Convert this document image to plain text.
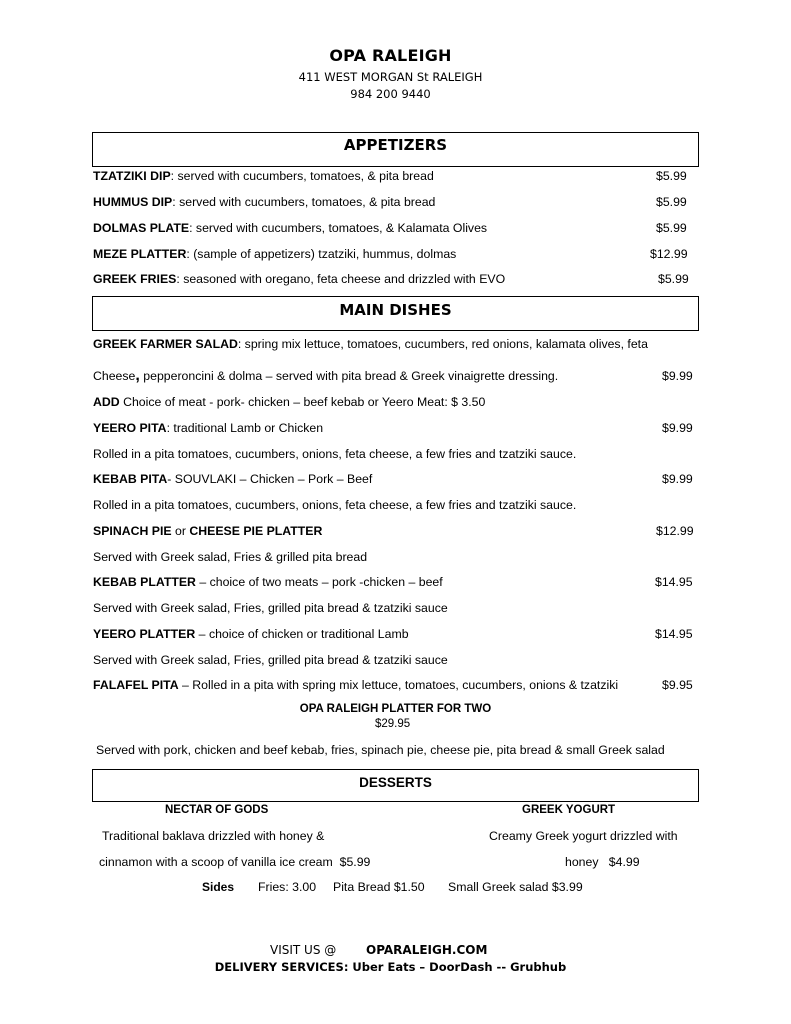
OPA RALEIGH
411 WEST MORGAN St RALEIGH
984 200 9440
APPETIZERS
TZATZIKI DIP: served with cucumbers, tomatoes, & pita bread	$5.99
HUMMUS DIP: served with cucumbers, tomatoes, & pita bread	$5.99
DOLMAS PLATE: served with cucumbers, tomatoes, & Kalamata Olives	$5.99
MEZE PLATTER: (sample of appetizers) tzatziki, hummus, dolmas	$12.99
GREEK FRIES: seasoned with oregano, feta cheese and drizzled with EVO	$5.99
MAIN DISHES
GREEK FARMER SALAD: spring mix lettuce, tomatoes, cucumbers, red onions, kalamata olives, feta
Cheese, pepperoncini & dolma – served with pita bread & Greek vinaigrette dressing.	$9.99
ADD Choice of meat - pork- chicken – beef kebab or Yeero Meat: $ 3.50
YEERO PITA: traditional Lamb or Chicken	$9.99
Rolled in a pita tomatoes, cucumbers, onions, feta cheese, a few fries and tzatziki sauce.
KEBAB PITA- SOUVLAKI – Chicken – Pork – Beef	$9.99
Rolled in a pita tomatoes, cucumbers, onions, feta cheese, a few fries and tzatziki sauce.
SPINACH PIE or CHEESE PIE PLATTER	$12.99
Served with Greek salad, Fries & grilled pita bread
KEBAB PLATTER – choice of two meats – pork -chicken – beef	$14.95
Served with Greek salad, Fries, grilled pita bread & tzatziki sauce
YEERO PLATTER – choice of chicken or traditional Lamb	$14.95
Served with Greek salad, Fries, grilled pita bread & tzatziki sauce
FALAFEL PITA – Rolled in a pita with spring mix lettuce, tomatoes, cucumbers, onions & tzatziki	$9.95
OPA RALEIGH PLATTER FOR TWO
$29.95
Served with pork, chicken and beef kebab, fries, spinach pie, cheese pie, pita bread & small Greek salad
DESSERTS
NECTAR OF GODS
Traditional baklava drizzled with honey &
cinnamon with a scoop of vanilla ice cream $5.99
GREEK YOGURT
Creamy Greek yogurt drizzled with
honey $4.99
Sides Fries: 3.00 Pita Bread $1.50 Small Greek salad $3.99
VISIT US @ OPARALEIGH.COM
DELIVERY SERVICES: Uber Eats – DoorDash -- Grubhub
